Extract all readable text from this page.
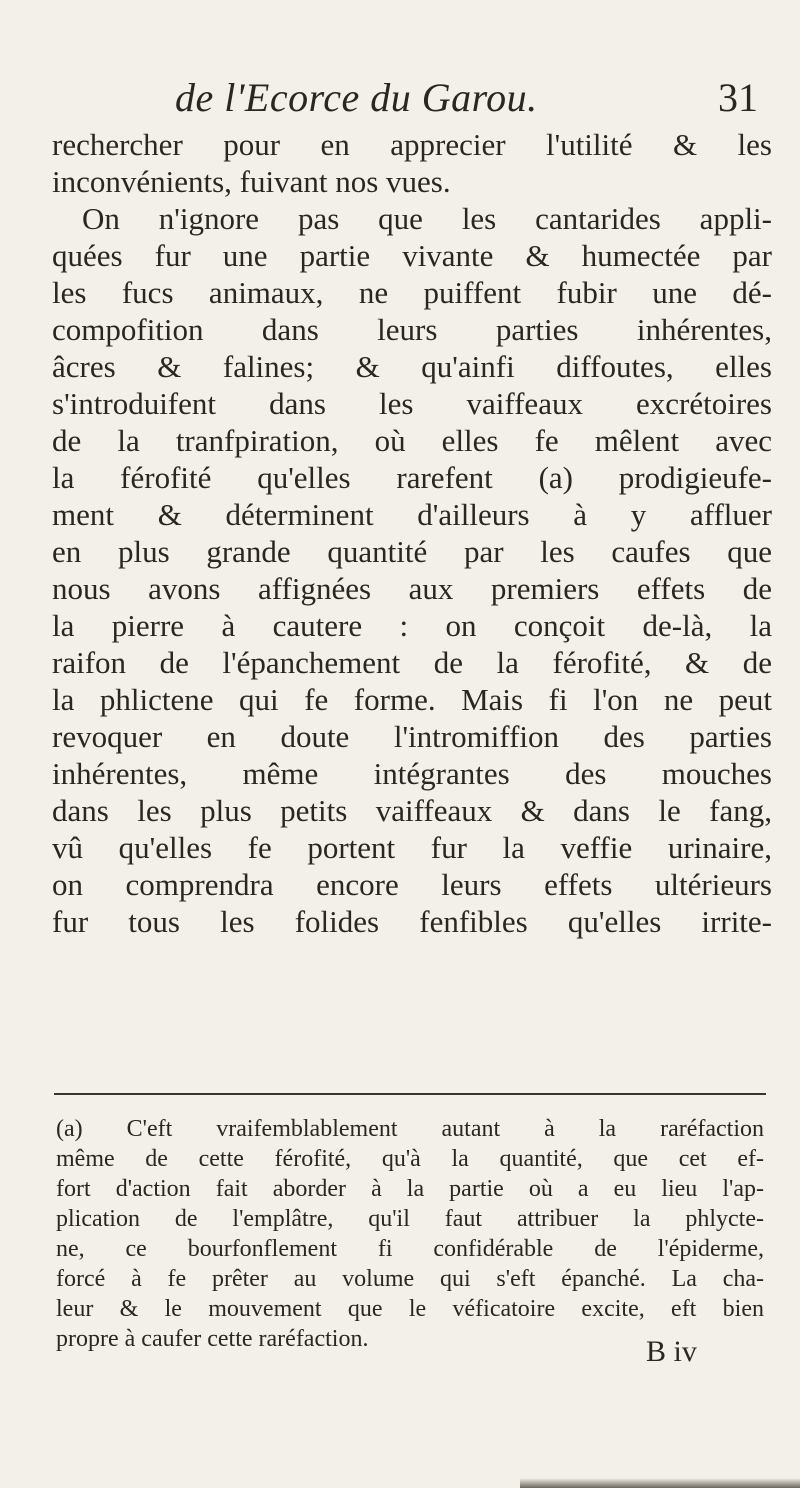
de l'Ecorce du Garou.	31
rechercher pour en apprecier l'utilité & les
inconvénients, fuivant nos vues.
On n'ignore pas que les cantarides appli-
quées fur une partie vivante & humectée par
les fucs animaux, ne puiffent fubir une dé-
compofition dans leurs parties inhérentes,
âcres & falines; & qu'ainfi diffoutes, elles
s'introduifent dans les vaiffeaux excrétoires
de la tranfpiration, où elles fe mêlent avec
la férofité qu'elles rarefent (a) prodigieufe-
ment & déterminent d'ailleurs à y affluer
en plus grande quantité par les caufes que
nous avons affignées aux premiers effets de
la pierre à cautere : on conçoit de-là, la
raifon de l'épanchement de la férofité, & de
la phlictene qui fe forme. Mais fi l'on ne peut
revoquer en doute l'intromiffion des parties
inhérentes, même intégrantes des mouches
dans les plus petits vaiffeaux & dans le fang,
vû qu'elles fe portent fur la veffie urinaire,
on comprendra encore leurs effets ultérieurs
fur tous les folides fenfibles qu'elles irrite-
(a) C'eft vraifemblablement autant à la raréfaction
même de cette férofité, qu'à la quantité, que cet ef-
fort d'action fait aborder à la partie où a eu lieu l'ap-
plication de l'emplâtre, qu'il faut attribuer la phlycte-
ne, ce bourfonflement fi confidérable de l'épiderme,
forcé à fe prêter au volume qui s'eft épanché. La cha-
leur & le mouvement que le véficatoire excite, eft bien
propre à caufer cette raréfaction.	B iv
